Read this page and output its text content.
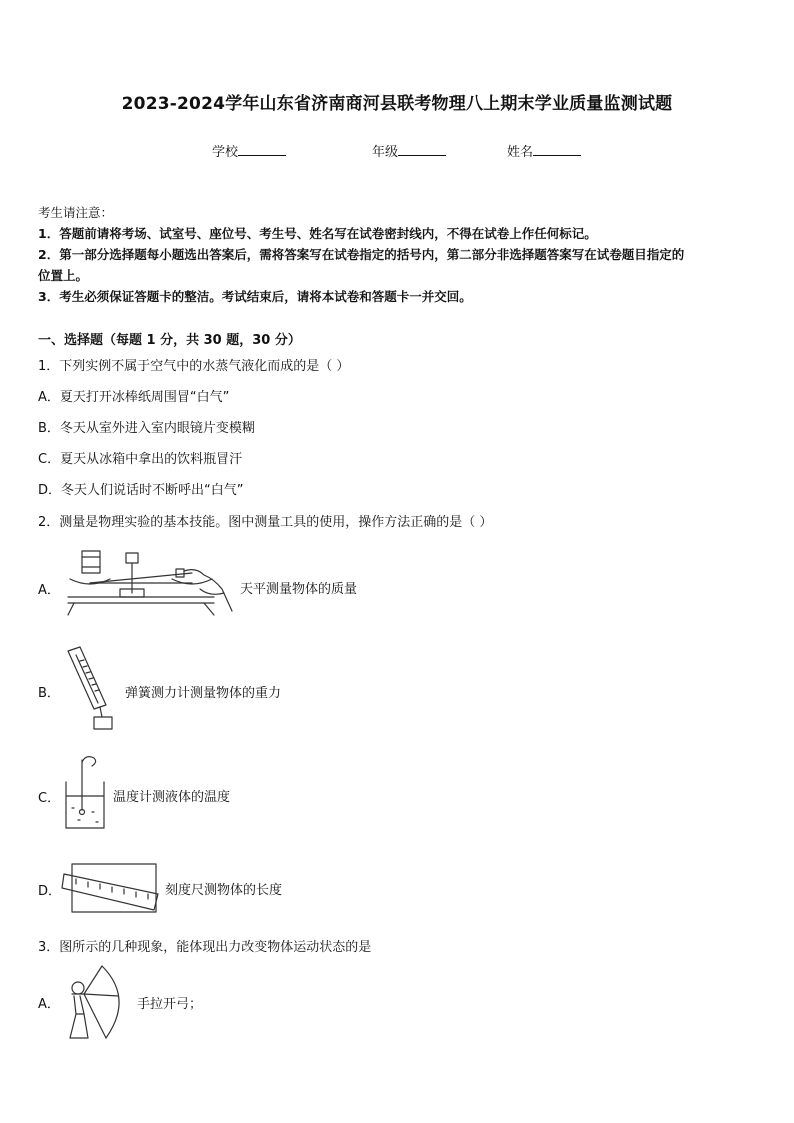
2023-2024学年山东省济南商河县联考物理八上期末学业质量监测试题
学校	年级	姓名
考生请注意：
1．答题前请将考场、试室号、座位号、考生号、姓名写在试卷密封线内，不得在试卷上作任何标记。
2．第一部分选择题每小题选出答案后，需将答案写在试卷指定的括号内，第二部分非选择题答案写在试卷题目指定的
位置上。
3．考生必须保证答题卡的整洁。考试结束后，请将本试卷和答题卡一并交回。
一、选择题（每题 1 分，共 30 题，30 分）
1．下列实例不属于空气中的水蒸气液化而成的是（ ）
A．夏天打开冰棒纸周围冒“白气”
B．冬天从室外进入室内眼镜片变模糊
C．夏天从冰箱中拿出的饮料瓶冒汗
D．冬天人们说话时不断呼出“白气”
2．测量是物理实验的基本技能。图中测量工具的使用，操作方法正确的是（ ）
A．	天平测量物体的质量
B．	弹簧测力计测量物体的重力
C．	温度计测液体的温度
D．	刻度尺测物体的长度
3．图所示的几种现象，能体现出力改变物体运动状态的是
A．	手拉开弓；
